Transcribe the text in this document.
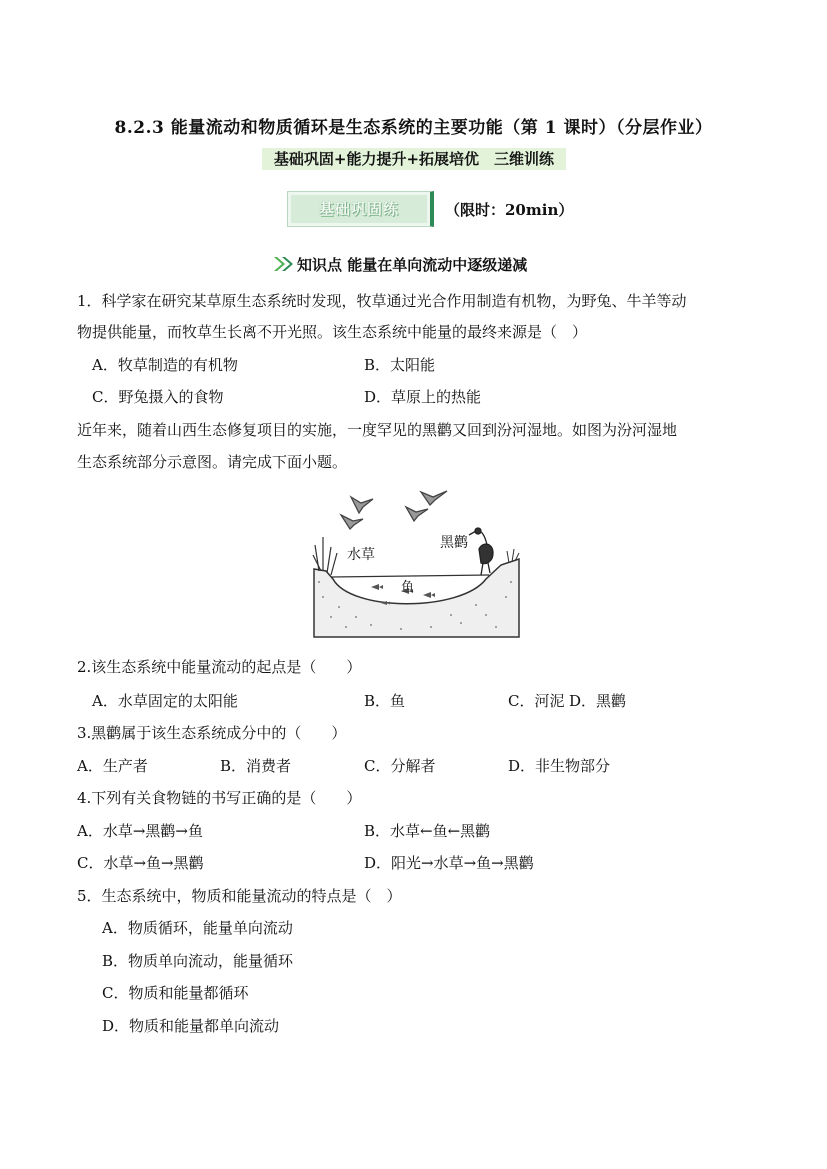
8.2.3 能量流动和物质循环是生态系统的主要功能（第 1 课时）（分层作业）
基础巩固+能力提升+拓展培优　三维训练
基础巩固练	（限时：20min）
知识点 能量在单向流动中逐级递减
1．科学家在研究某草原生态系统时发现，牧草通过光合作用制造有机物，为野兔、牛羊等动
物提供能量，而牧草生长离不开光照。该生态系统中能量的最终来源是（　）
A．牧草制造的有机物	B．太阳能
C．野兔摄入的食物	D．草原上的热能
近年来，随着山西生态修复项目的实施，一度罕见的黑鹳又回到汾河湿地。如图为汾河湿地
生态系统部分示意图。请完成下面小题。
水草
黑鹳
鱼
2.该生态系统中能量流动的起点是（　　）
A．水草固定的太阳能	B．鱼	C．河泥 D．黑鹳
3.黑鹳属于该生态系统成分中的（　　）
A．生产者	B．消费者	C．分解者	D．非生物部分
4.下列有关食物链的书写正确的是（　　）
A．水草→黑鹳→鱼	B．水草←鱼←黑鹳
C．水草→鱼→黑鹳	D．阳光→水草→鱼→黑鹳
5．生态系统中，物质和能量流动的特点是（　）
A．物质循环，能量单向流动
B．物质单向流动，能量循环
C．物质和能量都循环
D．物质和能量都单向流动
